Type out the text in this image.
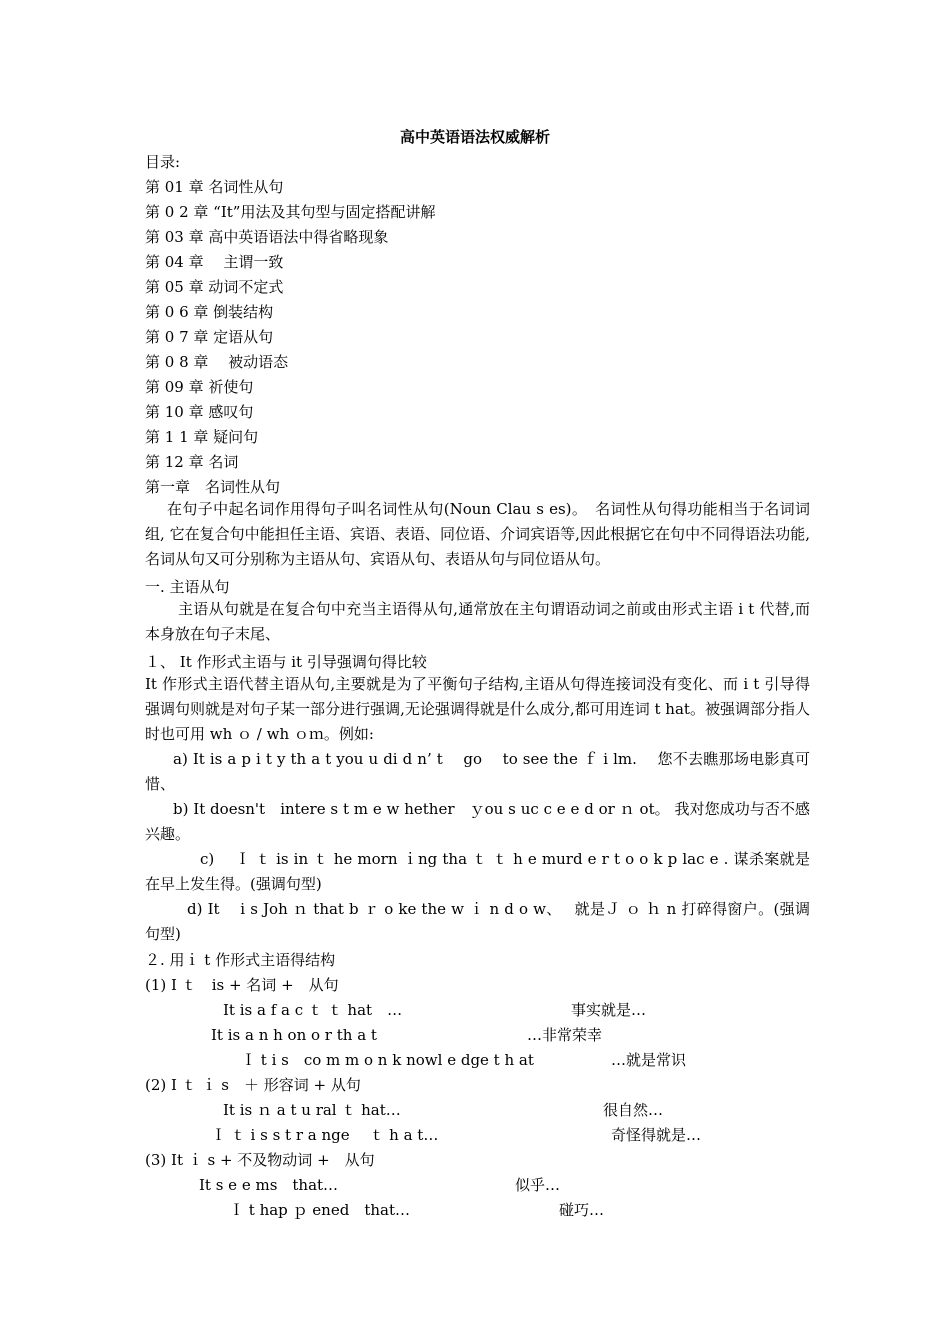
高中英语语法权威解析
目录:
第 01 章 名词性从句
第 0 2 章 “It”用法及其句型与固定搭配讲解
第 03 章 高中英语语法中得省略现象
第 04 章　 主谓一致
第 05 章 动词不定式
第 0 6 章 倒装结构
第 0 7 章 定语从句
第 0 8 章　 被动语态
第 09 章 祈使句
第 10 章 感叹句
第 1 1 章 疑问句
第 12 章 名词
第一章　名词性从句
在句子中起名词作用得句子叫名词性从句(Noun Clau s es)。　名词性从句得功能相当于名词词组, 它在复合句中能担任主语、宾语、表语、同位语、介词宾语等,因此根据它在句中不同得语法功能,名词从句又可分别称为主语从句、宾语从句、表语从句与同位语从句。
一. 主语从句
主语从句就是在复合句中充当主语得从句,通常放在主句谓语动词之前或由形式主语 i t 代替,而本身放在句子末尾、
１、 It 作形式主语与 it 引导强调句得比较
It 作形式主语代替主语从句,主要就是为了平衡句子结构,主语从句得连接词没有变化、而 i t 引导得强调句则就是对句子某一部分进行强调,无论强调得就是什么成分,都可用连词 t hat。被强调部分指人时也可用 wh ｏ / wh ｏｍ。例如:
a) It is a p i t y th a t you u di d n’ t　 go　 to see the ｆ i lm.　 您不去瞧那场电影真可惜、
b) It doesn't　intere s t m e w hether　ｙou s uc c e e d or ｎ ot。 我对您成功与否不感兴趣。
c)　 Ｉ ｔ is in ｔ he morn ｉng tha ｔ ｔ h e murd e r t o o k p lac e . 谋杀案就是在早上发生得。(强调句型)
d) It　 i s Joh ｎ that b ｒ o ke the w ｉ n d o w、　 就是Ｊ ｏ ｈ n 打碎得窗户。(强调句型)
２. 用ｉ t 作形式主语得结构
(1) I ｔ　is + 名词 +　从句
It is a f a c ｔ ｔ hat　…	事实就是…
It is a n h on o r th a t	…非常荣幸
Ｉ t i s　co m m o n k nowl e dge t h at	…就是常识
(2) I ｔ ｉ s　＋ 形容词 + 从句
It is ｎ a t u ral ｔ hat…	很自然…
Ｉ ｔ i s s t r a nge　 ｔ h a t…	奇怪得就是…
(3) It ｉ s + 不及物动词 +　从句
It s e e ms　that…	似乎…
Ｉ t hap ｐ ened　that…	碰巧…
